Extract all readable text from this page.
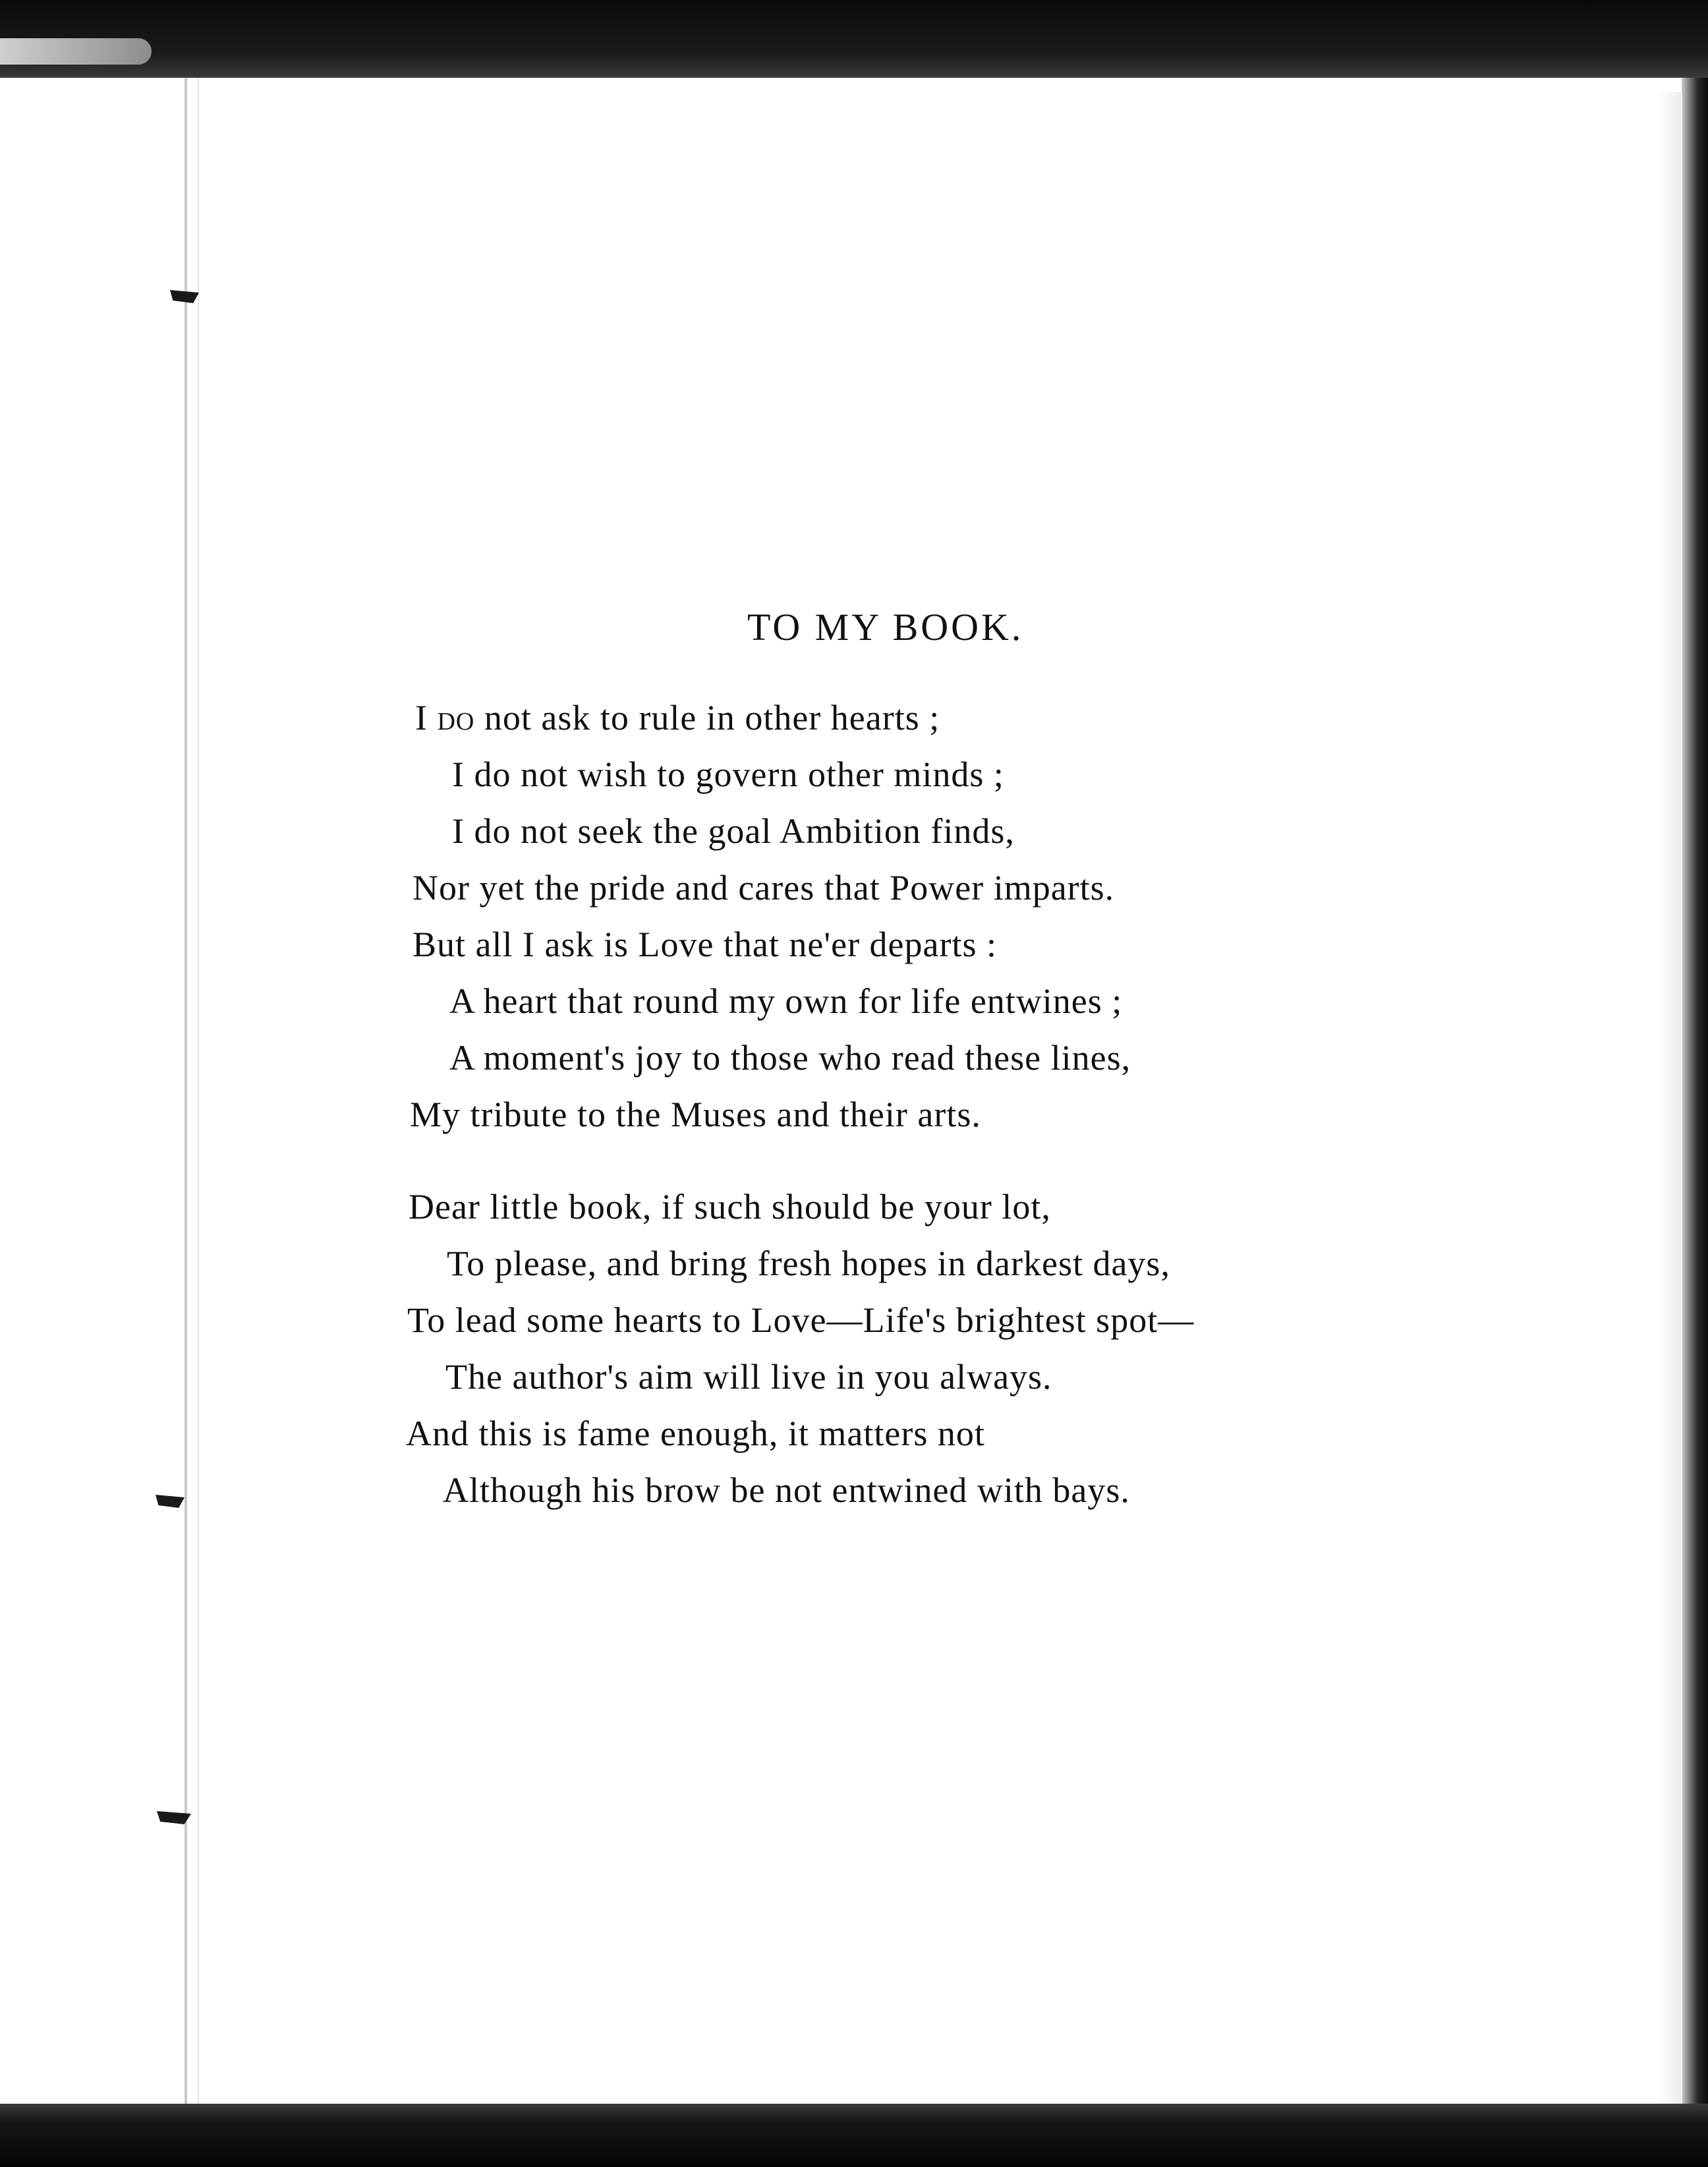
TO MY BOOK.
I do not ask to rule in other hearts ;
I do not wish to govern other minds ;
I do not seek the goal Ambition finds,
Nor yet the pride and cares that Power imparts.
But all I ask is Love that ne'er departs :
A heart that round my own for life entwines ;
A moment's joy to those who read these lines,
My tribute to the Muses and their arts.
Dear little book, if such should be your lot,
To please, and bring fresh hopes in darkest days,
To lead some hearts to Love—Life's brightest spot—
The author's aim will live in you always.
And this is fame enough, it matters not
Although his brow be not entwined with bays.
